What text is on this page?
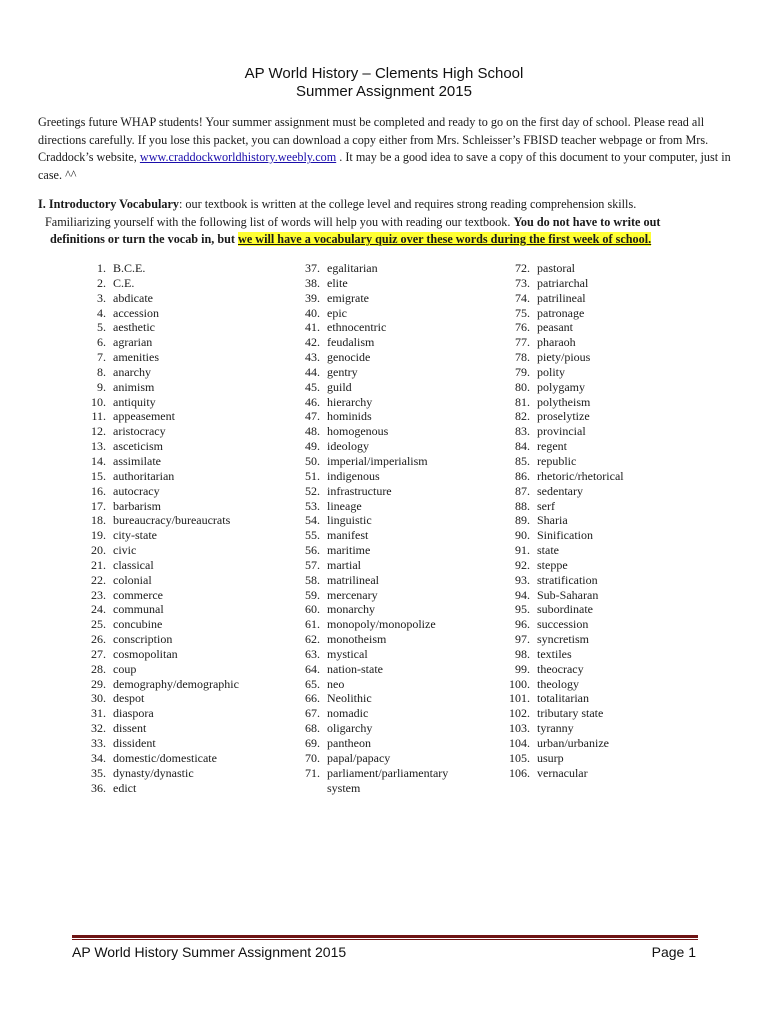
AP World History – Clements High School
Summer Assignment 2015
Greetings future WHAP students! Your summer assignment must be completed and ready to go on the first day of school. Please read all directions carefully. If you lose this packet, you can download a copy either from Mrs. Schleisser’s FBISD teacher webpage or from Mrs. Craddock’s website, www.craddockworldhistory.weebly.com . It may be a good idea to save a copy of this document to your computer, just in case. ^^
I. Introductory Vocabulary: our textbook is written at the college level and requires strong reading comprehension skills.
Familiarizing yourself with the following list of words will help you with reading our textbook. You do not have to write out
definitions or turn the vocab in, but we will have a vocabulary quiz over these words during the first week of school.
1. B.C.E.
2. C.E.
3. abdicate
4. accession
5. aesthetic
6. agrarian
7. amenities
8. anarchy
9. animism
10. antiquity
11. appeasement
12. aristocracy
13. asceticism
14. assimilate
15. authoritarian
16. autocracy
17. barbarism
18. bureaucracy/bureaucrats
19. city-state
20. civic
21. classical
22. colonial
23. commerce
24. communal
25. concubine
26. conscription
27. cosmopolitan
28. coup
29. demography/demographic
30. despot
31. diaspora
32. dissent
33. dissident
34. domestic/domesticate
35. dynasty/dynastic
36. edict
37. egalitarian
38. elite
39. emigrate
40. epic
41. ethnocentric
42. feudalism
43. genocide
44. gentry
45. guild
46. hierarchy
47. hominids
48. homogenous
49. ideology
50. imperial/imperialism
51. indigenous
52. infrastructure
53. lineage
54. linguistic
55. manifest
56. maritime
57. martial
58. matrilineal
59. mercenary
60. monarchy
61. monopoly/monopolize
62. monotheism
63. mystical
64. nation-state
65. neo
66. Neolithic
67. nomadic
68. oligarchy
69. pantheon
70. papal/papacy
71. parliament/parliamentary system
72. pastoral
73. patriarchal
74. patrilineal
75. patronage
76. peasant
77. pharaoh
78. piety/pious
79. polity
80. polygamy
81. polytheism
82. proselytize
83. provincial
84. regent
85. republic
86. rhetoric/rhetorical
87. sedentary
88. serf
89. Sharia
90. Sinification
91. state
92. steppe
93. stratification
94. Sub-Saharan
95. subordinate
96. succession
97. syncretism
98. textiles
99. theocracy
100. theology
101. totalitarian
102. tributary state
103. tyranny
104. urban/urbanize
105. usurp
106. vernacular
AP World History Summer Assignment 2015	Page 1
